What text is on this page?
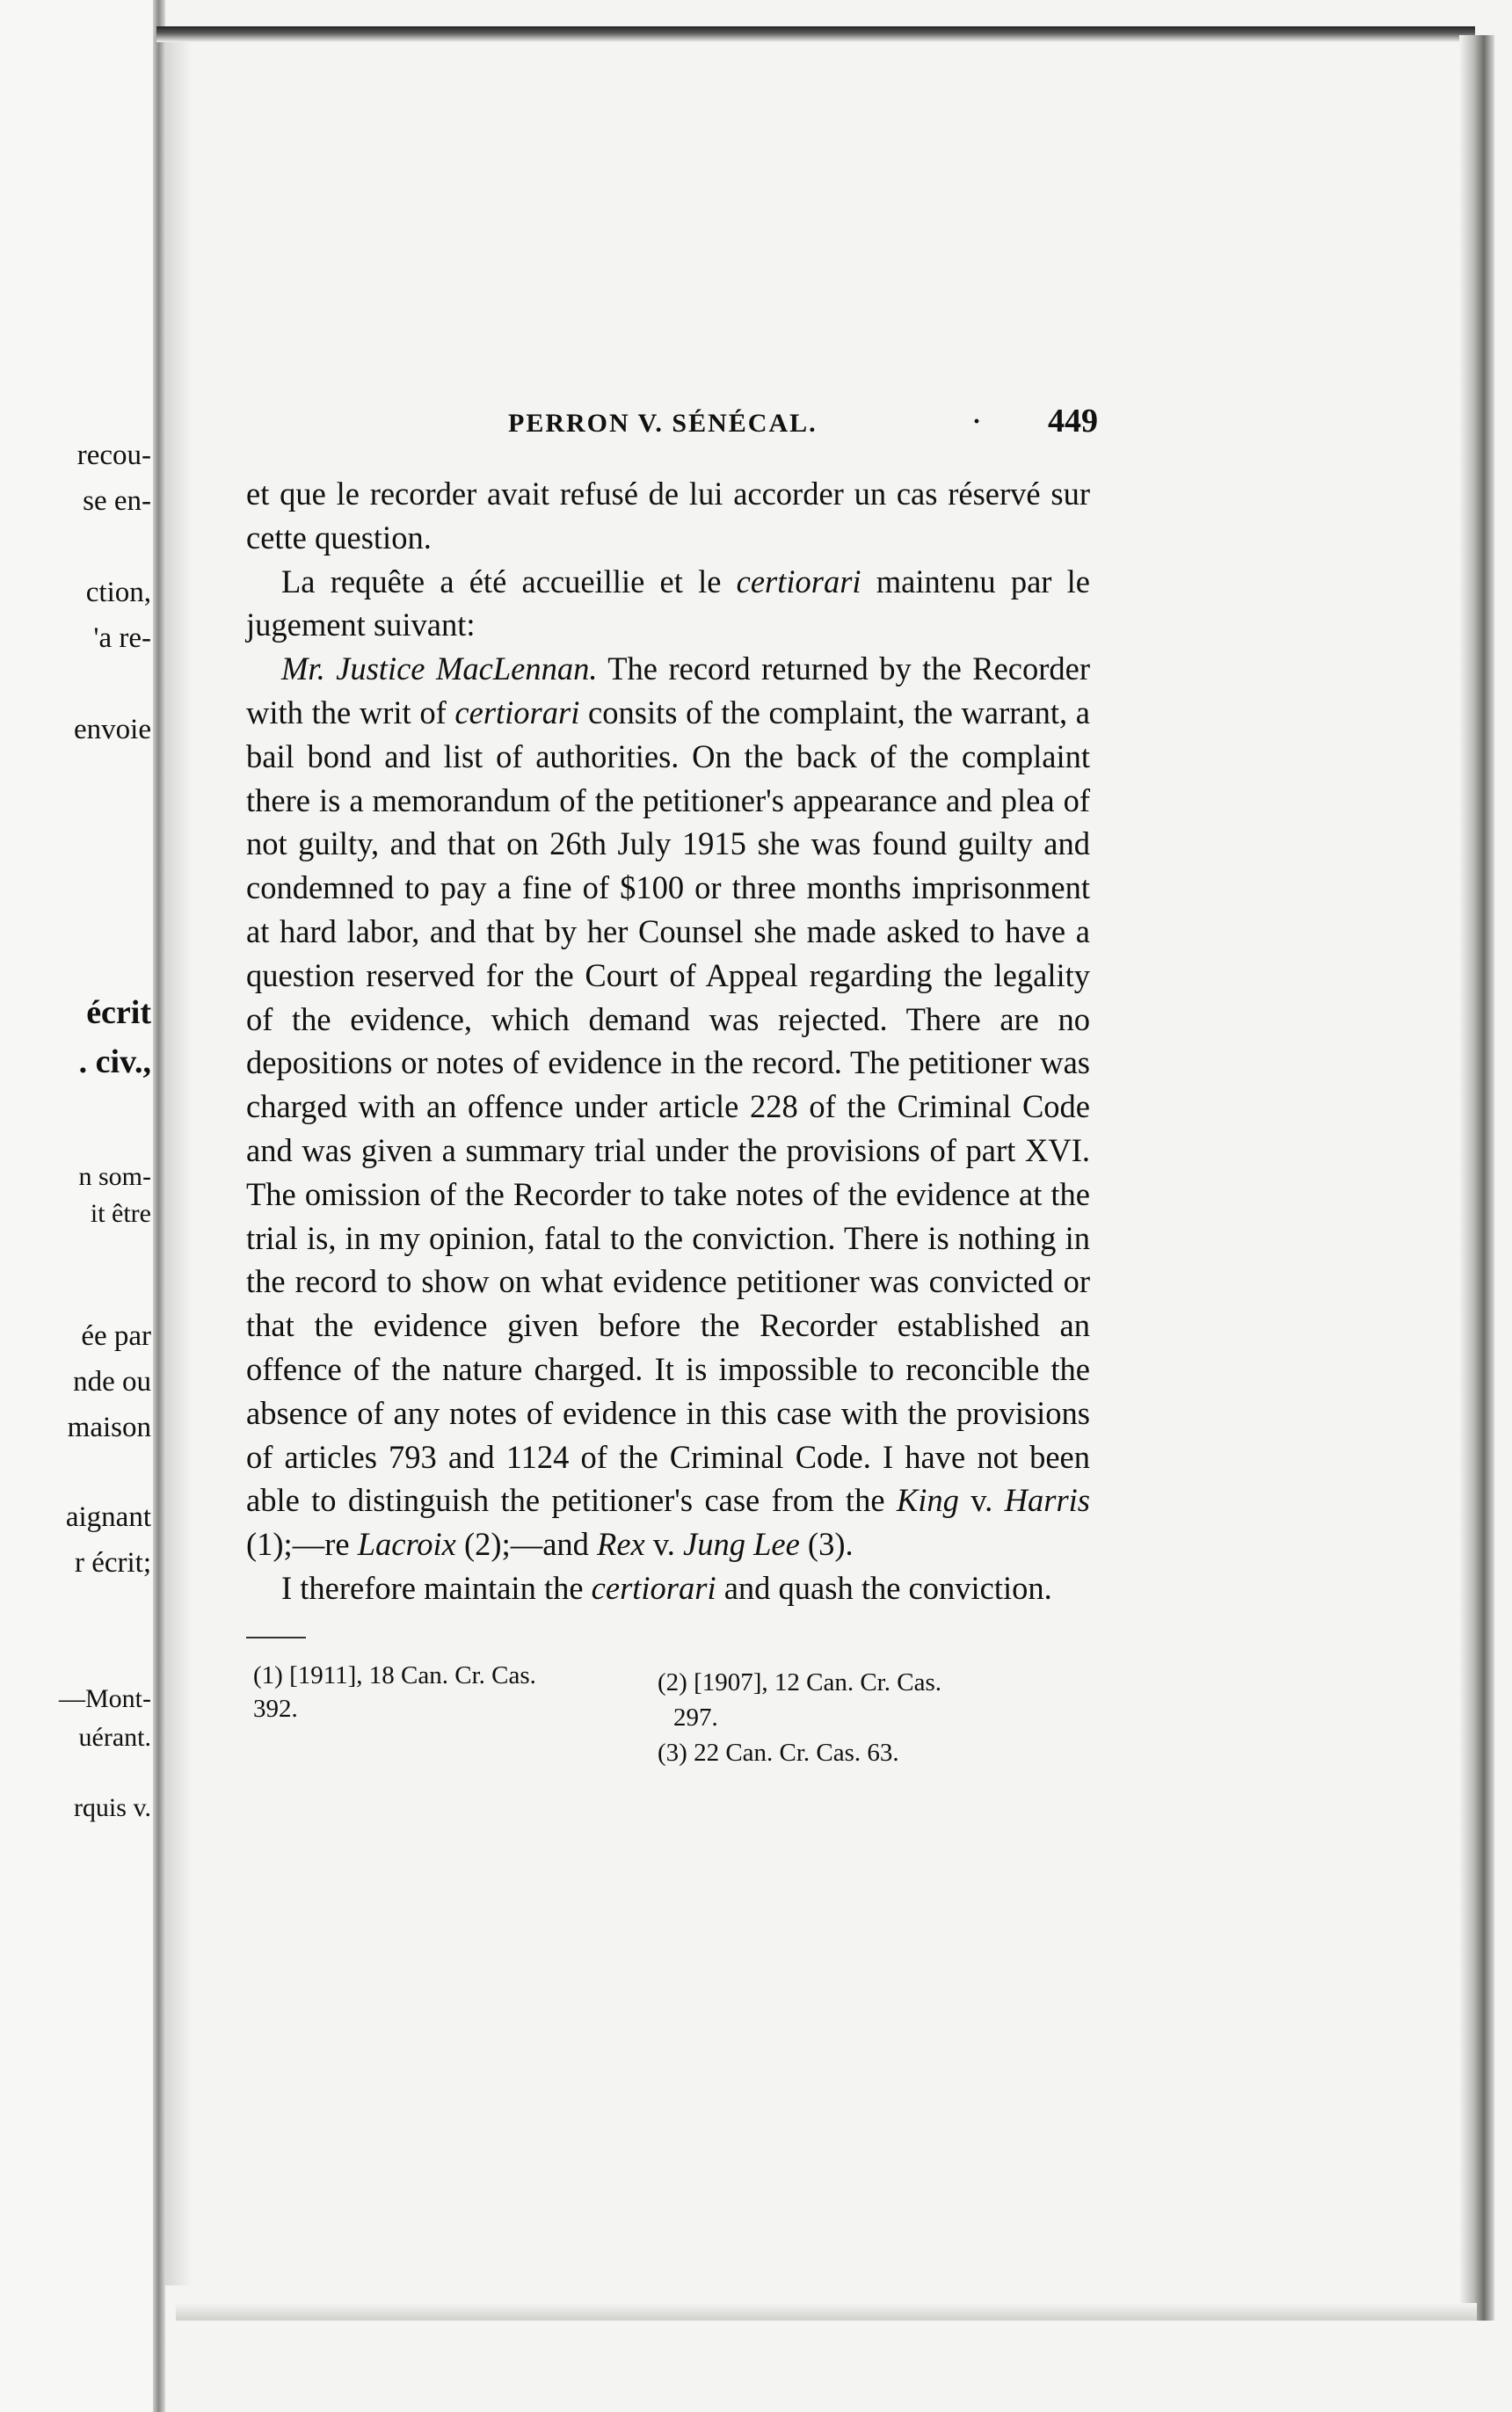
recou-
se en-
ction,
'a re-
envoie
écrit
. civ.,
n som-
it être
ée par
nde ou
maison
aignant
r écrit;
—Mont-
uérant.
rquis v.
PERRON V. SÉNÉCAL.	· 449

et que le recorder avait refusé de lui accorder un cas réservé sur cette question.

La requête a été accueillie et le certiorari maintenu par le jugement suivant:

Mr. Justice MacLennan. The record returned by the Recorder with the writ of certiorari consits of the complaint, the warrant, a bail bond and list of authorities. On the back of the complaint there is a memorandum of the petitioner's appearance and plea of not guilty, and that on 26th July 1915 she was found guilty and condemned to pay a fine of $100 or three months imprisonment at hard labor, and that by her Counsel she made asked to have a question reserved for the Court of Appeal regarding the legality of the evidence, which demand was rejected. There are no depositions or notes of evidence in the record. The petitioner was charged with an offence under article 228 of the Criminal Code and was given a summary trial under the provisions of part XVI. The omission of the Recorder to take notes of the evidence at the trial is, in my opinion, fatal to the conviction. There is nothing in the record to show on what evidence petitioner was convicted or that the evidence given before the Recorder established an offence of the nature charged. It is impossible to reconcible the absence of any notes of evidence in this case with the provisions of articles 793 and 1124 of the Criminal Code. I have not been able to distinguish the petitioner's case from the King v. Harris (1);—re Lacroix (2);—and Rex v. Jung Lee (3).

I therefore maintain the certiorari and quash the conviction.

(1) [1911], 18 Can. Cr. Cas.
392.
(2) [1907], 12 Can. Cr. Cas.
297.
(3) 22 Can. Cr. Cas. 63.
